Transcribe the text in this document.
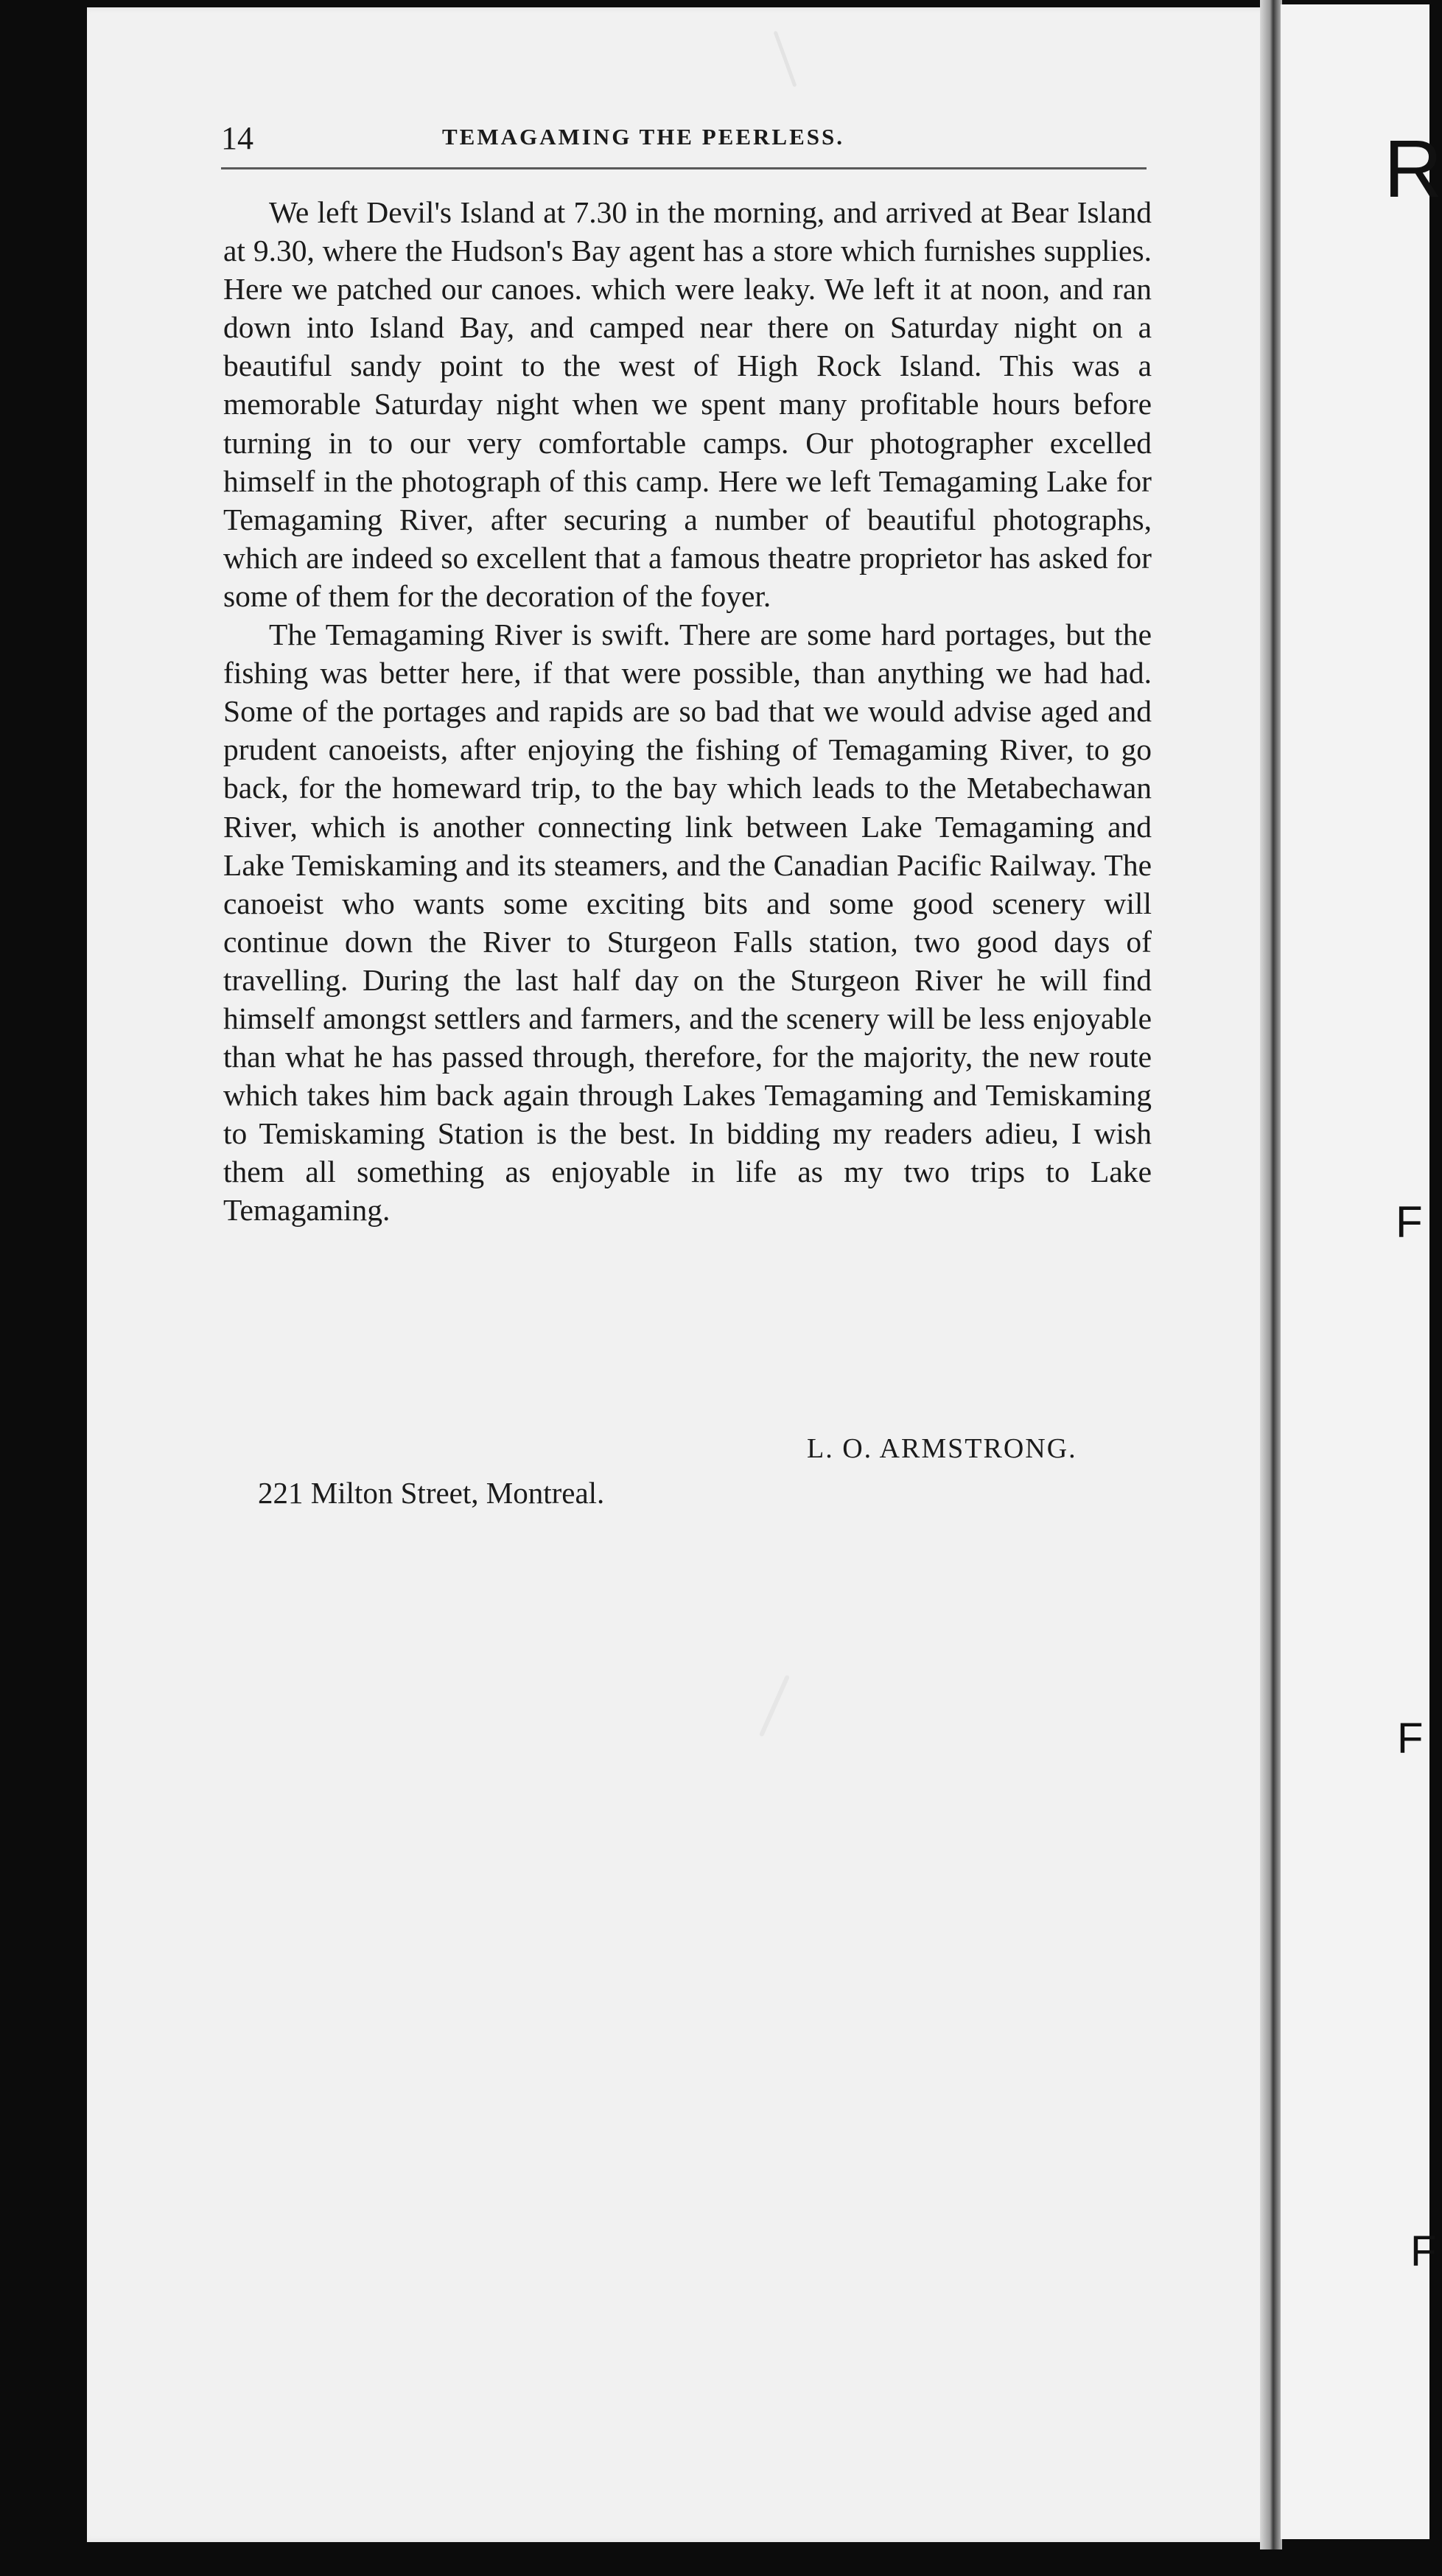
R
F
F
F
14	TEMAGAMING THE PEERLESS.

We left Devil's Island at 7.30 in the morning, and arrived at Bear Island at 9.30, where the Hudson's Bay agent has a store which furnishes supplies. Here we patched our canoes. which were leaky. We left it at noon, and ran down into Island Bay, and camped near there on Saturday night on a beautiful sandy point to the west of High Rock Island. This was a memorable Saturday night when we spent many profitable hours before turning in to our very comfortable camps. Our photographer excelled himself in the photograph of this camp. Here we left Temagaming Lake for Temagaming River, after securing a number of beautiful photographs, which are indeed so excellent that a famous theatre proprietor has asked for some of them for the decoration of the foyer.

The Temagaming River is swift. There are some hard portages, but the fishing was better here, if that were possible, than anything we had had. Some of the portages and rapids are so bad that we would advise aged and prudent canoeists, after enjoying the fishing of Temagaming River, to go back, for the homeward trip, to the bay which leads to the Metabechawan River, which is another connecting link between Lake Temagaming and Lake Temiskaming and its steamers, and the Canadian Pacific Railway. The canoeist who wants some exciting bits and some good scenery will continue down the River to Sturgeon Falls station, two good days of travelling. During the last half day on the Sturgeon River he will find himself amongst settlers and farmers, and the scenery will be less enjoyable than what he has passed through, therefore, for the majority, the new route which takes him back again through Lakes Temagaming and Temiskaming to Temiskaming Station is the best. In bidding my readers adieu, I wish them all something as enjoyable in life as my two trips to Lake Temagaming.

L. O. ARMSTRONG.
221 Milton Street, Montreal.
